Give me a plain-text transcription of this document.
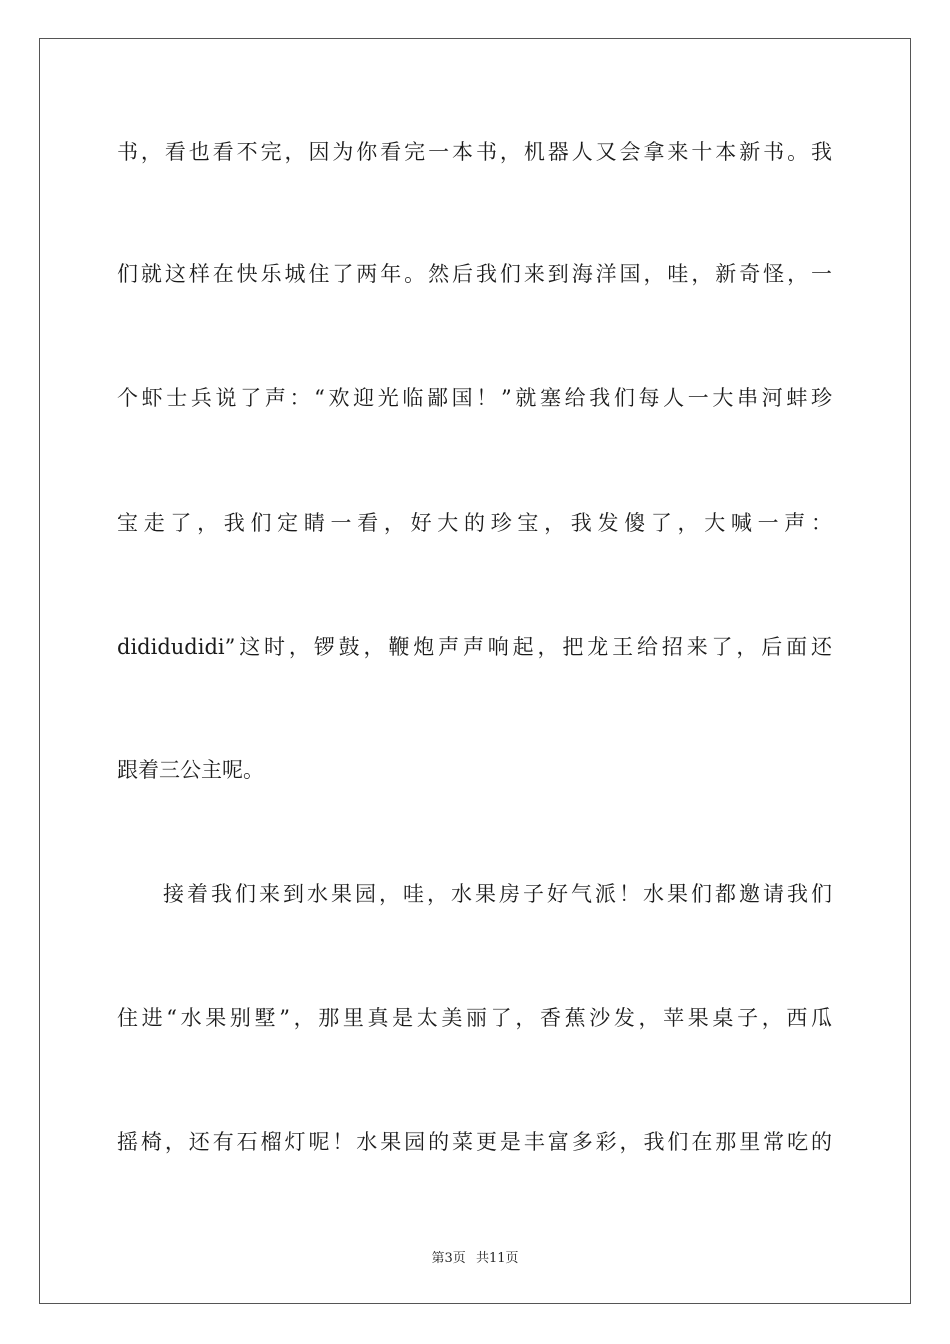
书，看也看不完，因为你看完一本书，机器人又会拿来十本新书。我
们就这样在快乐城住了两年。然后我们来到海洋国，哇，新奇怪，一
个虾士兵说了声：“欢迎光临鄙国！”就塞给我们每人一大串河蚌珍
宝走了，我们定睛一看，好大的珍宝，我发傻了，大喊一声：
dididudidi”这时，锣鼓，鞭炮声声响起，把龙王给招来了，后面还
跟着三公主呢。
接着我们来到水果园，哇，水果房子好气派！水果们都邀请我们
住进“水果别墅”，那里真是太美丽了，香蕉沙发，苹果桌子，西瓜
摇椅，还有石榴灯呢！水果园的菜更是丰富多彩，我们在那里常吃的
第3页 共11页
